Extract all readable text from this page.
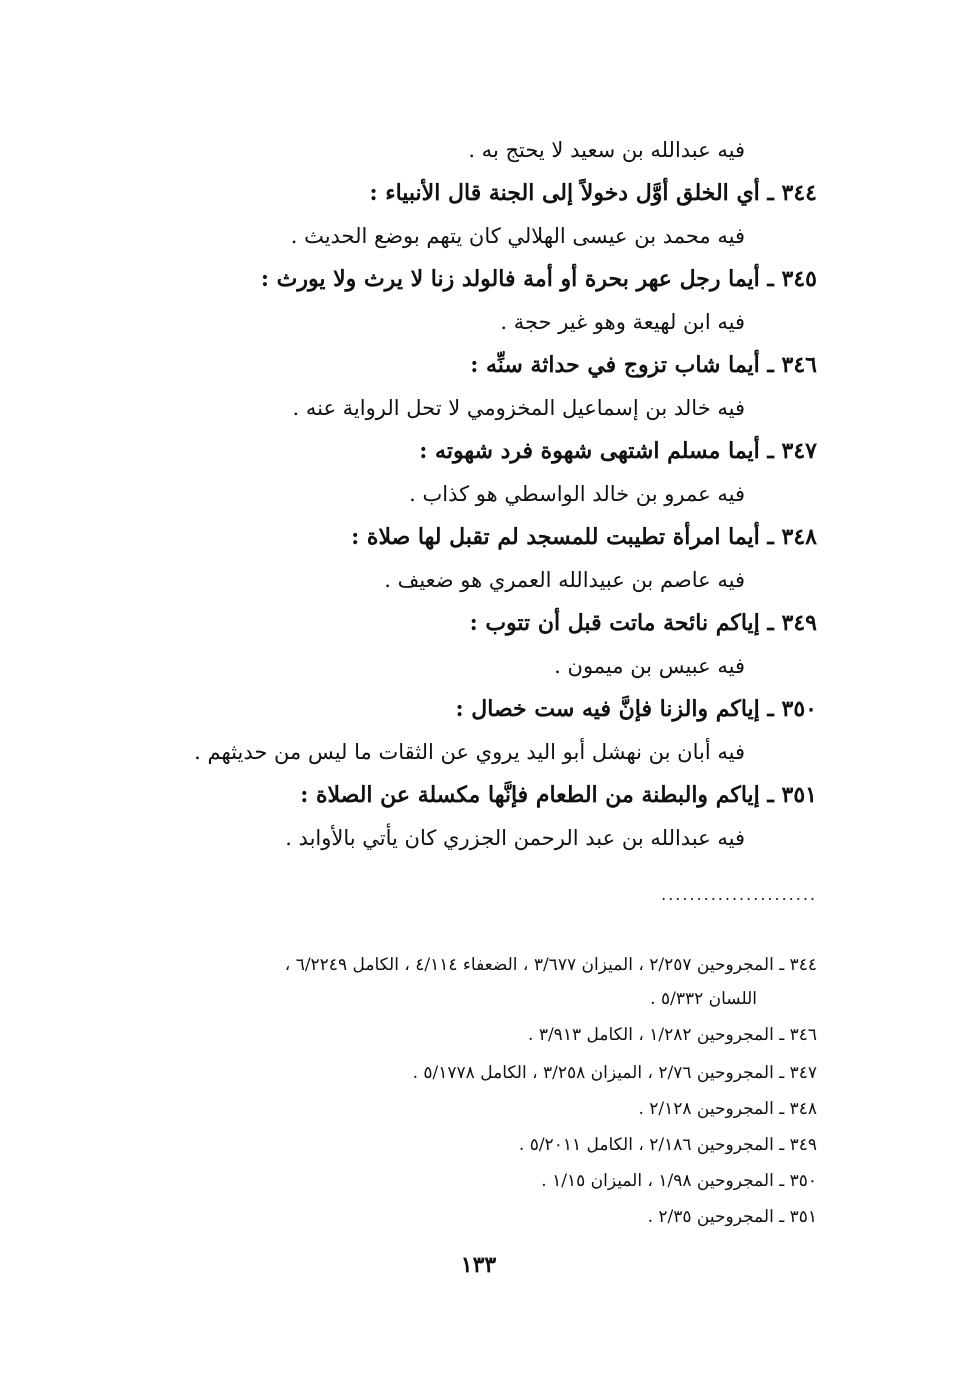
فيه عبدالله بن سعيد لا يحتج به .
٣٤٤ ـ أي الخلق أوَّل دخولاً إلى الجنة قال الأنبياء :
فيه محمد بن عيسى الهلالي كان يتهم بوضع الحديث .
٣٤٥ ـ أيما رجل عهر بحرة أو أمة فالولد زنا لا يرث ولا يورث :
فيه ابن لهيعة وهو غير حجة .
٣٤٦ ـ أيما شاب تزوج في حداثة سنِّه :
فيه خالد بن إسماعيل المخزومي لا تحل الرواية عنه .
٣٤٧ ـ أيما مسلم اشتهى شهوة فرد شهوته :
فيه عمرو بن خالد الواسطي هو كذاب .
٣٤٨ ـ أيما امرأة تطيبت للمسجد لم تقبل لها صلاة :
فيه عاصم بن عبيدالله العمري هو ضعيف .
٣٤٩ ـ إياكم نائحة ماتت قبل أن تتوب :
فيه عبيس بن ميمون .
٣٥٠ ـ إياكم والزنا فإنَّ فيه ست خصال :
فيه أبان بن نهشل أبو اليد يروي عن الثقات ما ليس من حديثهم .
٣٥١ ـ إياكم والبطنة من الطعام فإنَّها مكسلة عن الصلاة :
فيه عبدالله بن عبد الرحمن الجزري كان يأتي بالأوابد .
......................
٣٤٤ ـ المجروحين ٢/٢٥٧ ، الميزان ٣/٦٧٧ ، الضعفاء ٤/١١٤ ، الكامل ٦/٢٢٤٩ ،
اللسان ٥/٣٣٢ .
٣٤٦ ـ المجروحين ١/٢٨٢ ، الكامل ٣/٩١٣ .
٣٤٧ ـ المجروحين ٢/٧٦ ، الميزان ٣/٢٥٨ ، الكامل ٥/١٧٧٨ .
٣٤٨ ـ المجروحين ٢/١٢٨ .
٣٤٩ ـ المجروحين ٢/١٨٦ ، الكامل ٥/٢٠١١ .
٣٥٠ ـ المجروحين ١/٩٨ ، الميزان ١/١٥ .
٣٥١ ـ المجروحين ٢/٣٥ .
١٣٣
